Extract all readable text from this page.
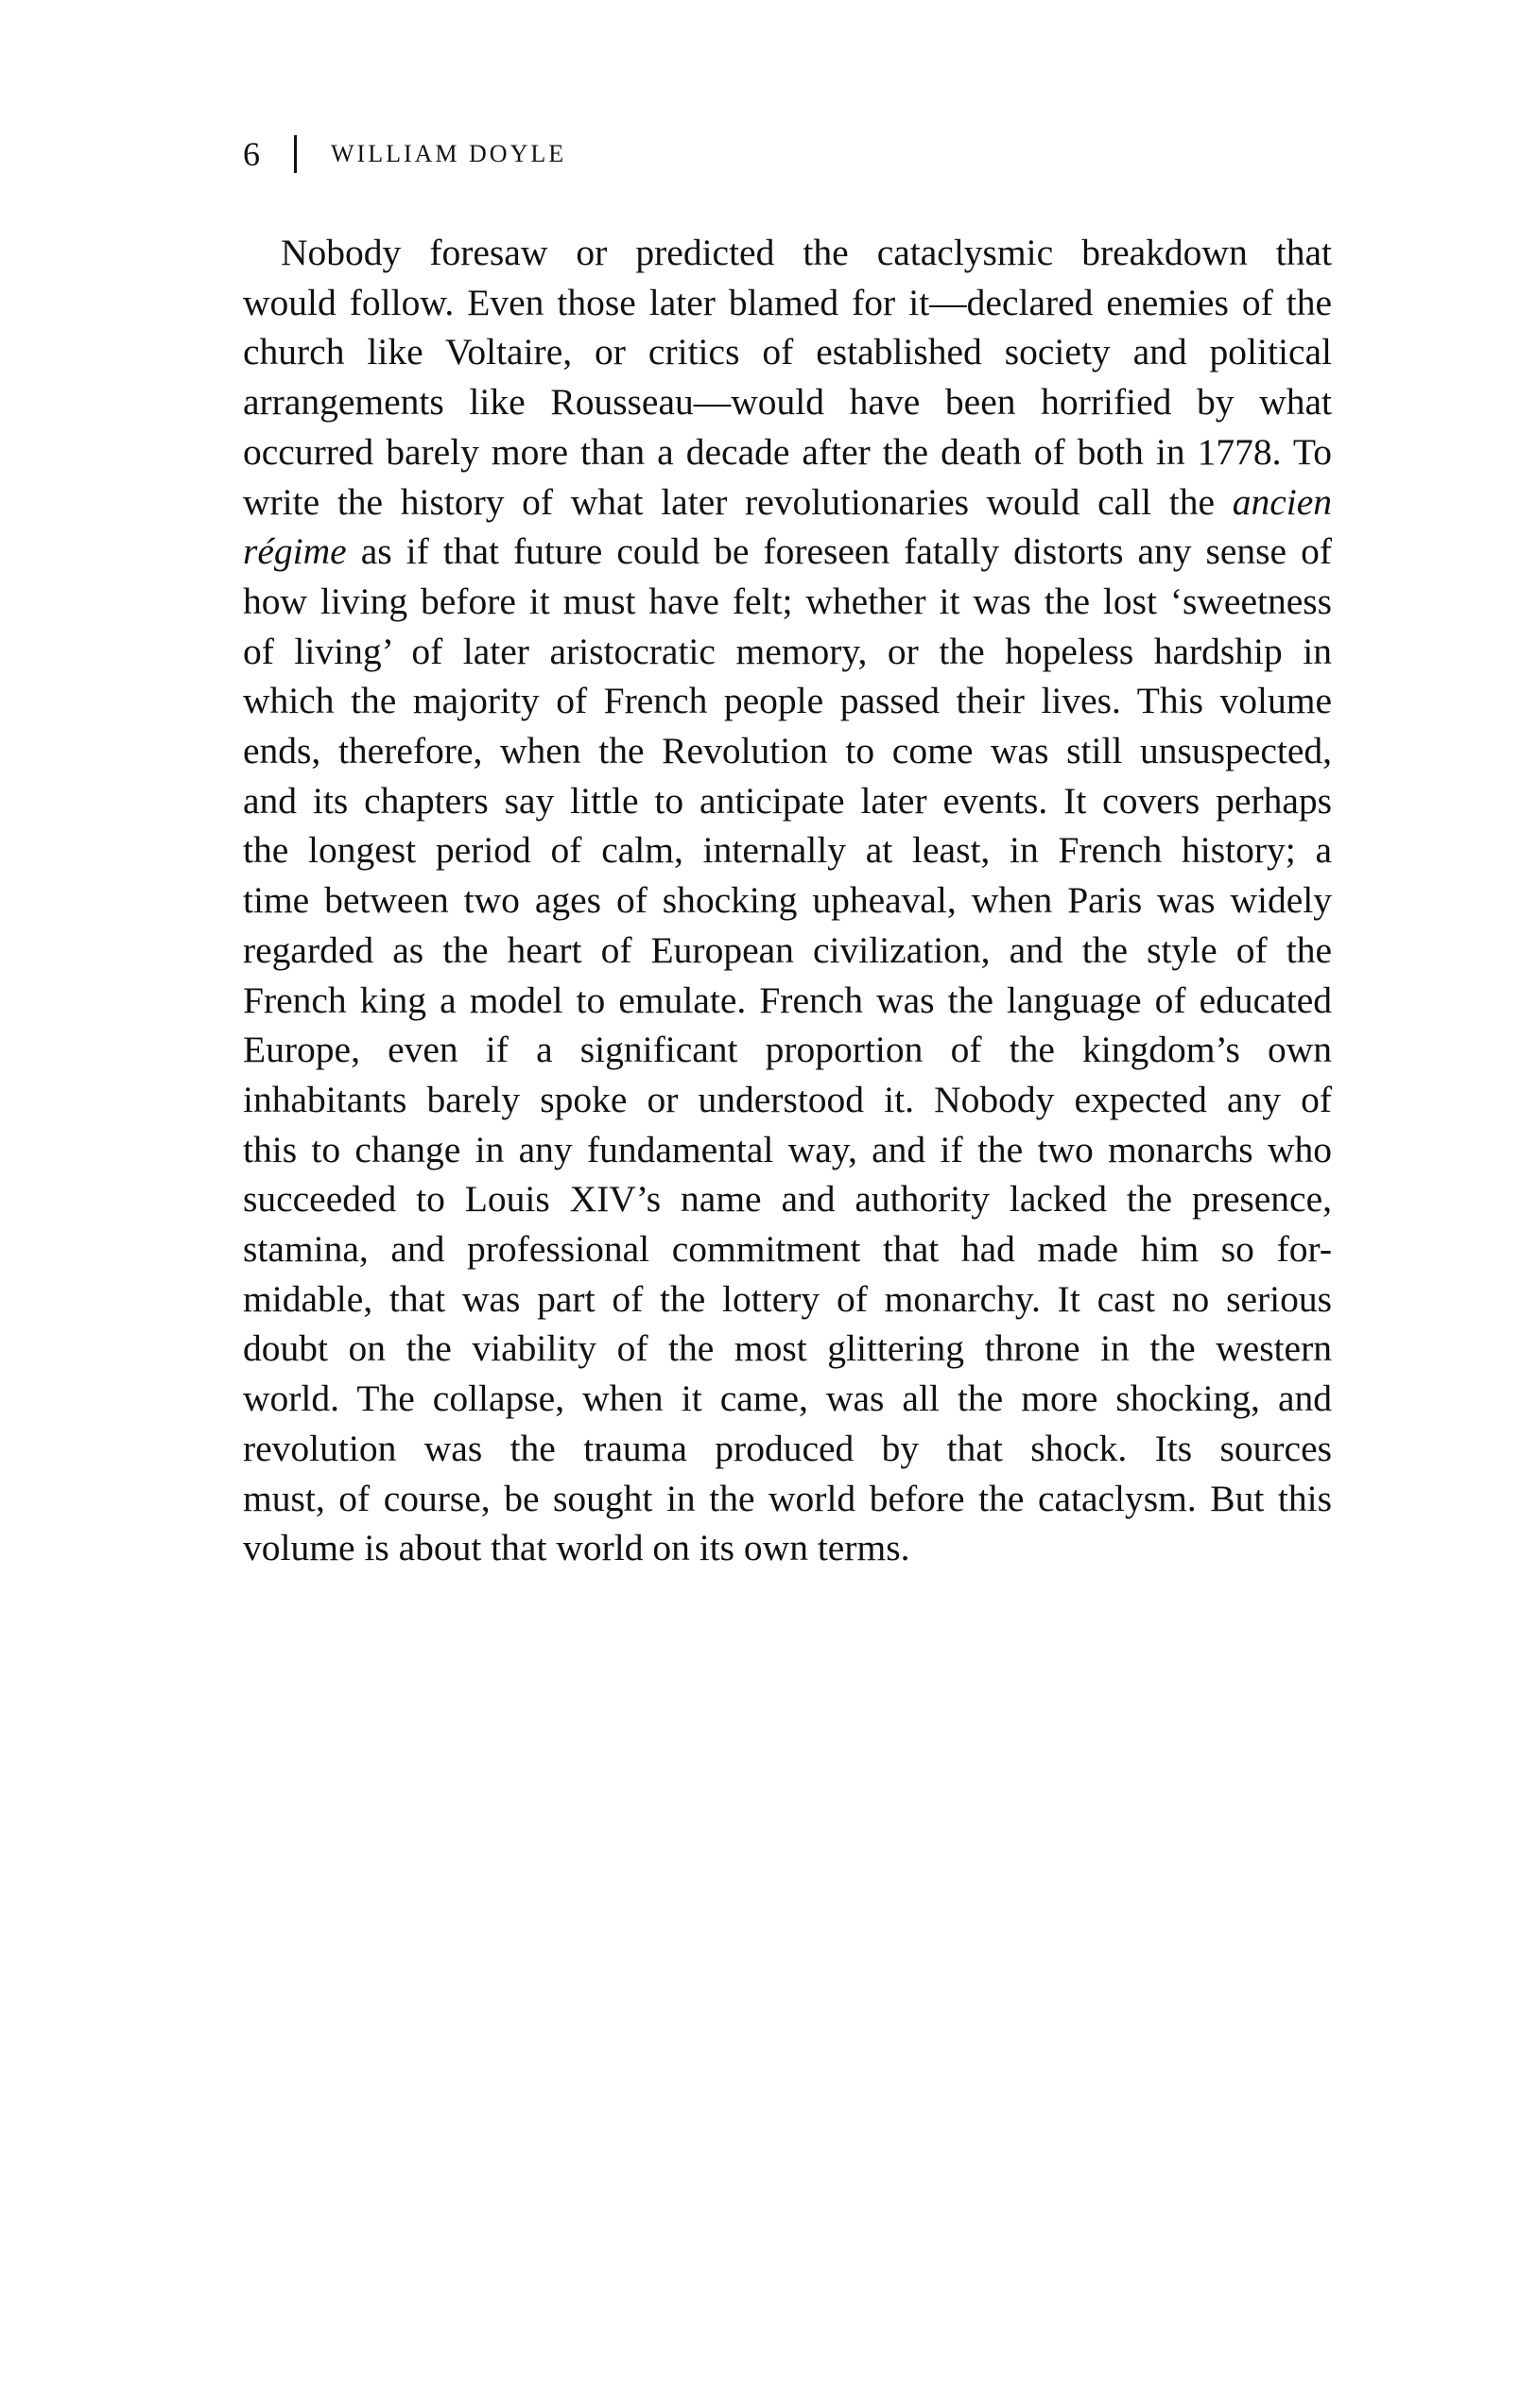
6	WILLIAM DOYLE
Nobody foresaw or predicted the cataclysmic breakdown that
would follow. Even those later blamed for it—declared enemies of the
church like Voltaire, or critics of established society and political
arrangements like Rousseau—would have been horrified by what
occurred barely more than a decade after the death of both in 1778. To
write the history of what later revolutionaries would call the ancien
régime as if that future could be foreseen fatally distorts any sense of
how living before it must have felt; whether it was the lost ‘sweetness
of living’ of later aristocratic memory, or the hopeless hardship in
which the majority of French people passed their lives. This volume
ends, therefore, when the Revolution to come was still unsuspected,
and its chapters say little to anticipate later events. It covers perhaps
the longest period of calm, internally at least, in French history; a
time between two ages of shocking upheaval, when Paris was widely
regarded as the heart of European civilization, and the style of the
French king a model to emulate. French was the language of educated
Europe, even if a significant proportion of the kingdom’s own
inhabitants barely spoke or understood it. Nobody expected any of
this to change in any fundamental way, and if the two monarchs who
succeeded to Louis XIV’s name and authority lacked the presence,
stamina, and professional commitment that had made him so for-
midable, that was part of the lottery of monarchy. It cast no serious
doubt on the viability of the most glittering throne in the western
world. The collapse, when it came, was all the more shocking, and
revolution was the trauma produced by that shock. Its sources
must, of course, be sought in the world before the cataclysm. But this
volume is about that world on its own terms.
